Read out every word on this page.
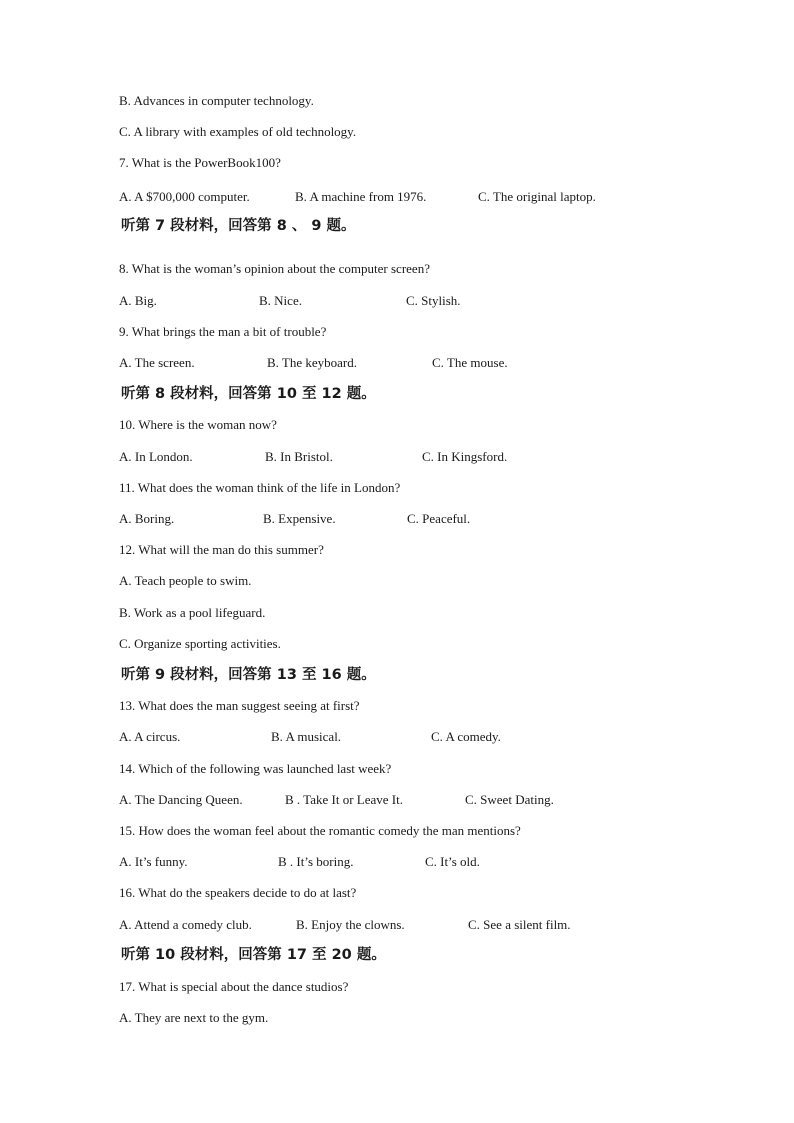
B. Advances in computer technology.
C. A library with examples of old technology.
7. What is the PowerBook100?
A. A $700,000 computer.	B. A machine from 1976.	C. The original laptop.
听第 7 段材料，回答第 8 、 9 题。
8. What is the woman’s opinion about the computer screen?
A. Big.	B. Nice.	C. Stylish.
9. What brings the man a bit of trouble?
A. The screen.	B. The keyboard.	C. The mouse.
听第 8 段材料，回答第 10 至 12 题。
10. Where is the woman now?
A. In London.	B. In Bristol.	C. In Kingsford.
11. What does the woman think of the life in London?
A. Boring.	B. Expensive.	C. Peaceful.
12. What will the man do this summer?
A. Teach people to swim.
B. Work as a pool lifeguard.
C. Organize sporting activities.
听第 9 段材料，回答第 13 至 16 题。
13. What does the man suggest seeing at first?
A. A circus.	B. A musical.	C. A comedy.
14. Which of the following was launched last week?
A. The Dancing Queen.	B . Take It or Leave It.	C. Sweet Dating.
15. How does the woman feel about the romantic comedy the man mentions?
A. It’s funny.	B . It’s boring.	C. It’s old.
16. What do the speakers decide to do at last?
A. Attend a comedy club.	B. Enjoy the clowns.	C. See a silent film.
听第 10 段材料，回答第 17 至 20 题。
17. What is special about the dance studios?
A. They are next to the gym.
